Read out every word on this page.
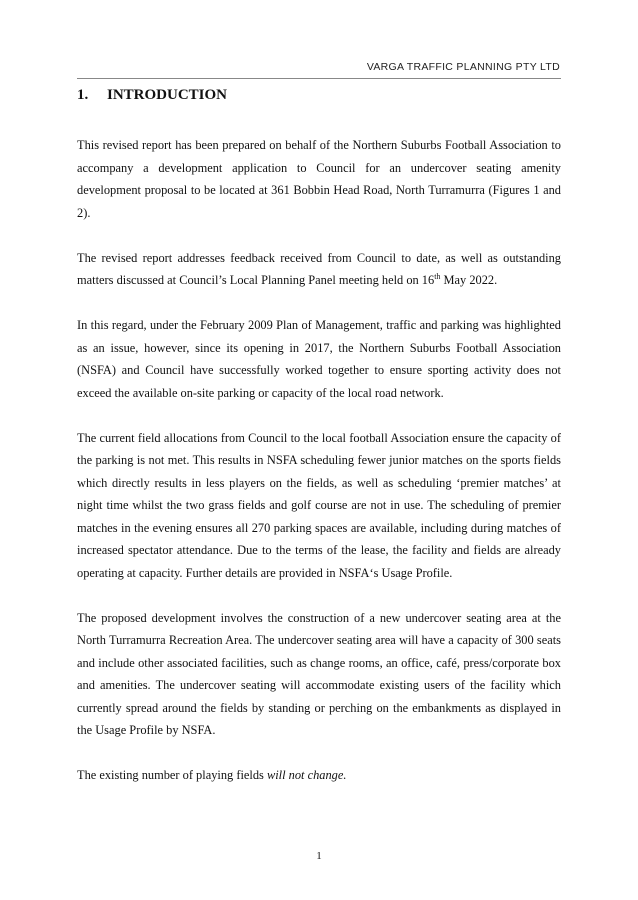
VARGA TRAFFIC PLANNING PTY LTD
1. INTRODUCTION

This revised report has been prepared on behalf of the Northern Suburbs Football Association to accompany a development application to Council for an undercover seating amenity development proposal to be located at 361 Bobbin Head Road, North Turramurra (Figures 1 and 2).

The revised report addresses feedback received from Council to date, as well as outstanding matters discussed at Council’s Local Planning Panel meeting held on 16th May 2022.

In this regard, under the February 2009 Plan of Management, traffic and parking was highlighted as an issue, however, since its opening in 2017, the Northern Suburbs Football Association (NSFA) and Council have successfully worked together to ensure sporting activity does not exceed the available on-site parking or capacity of the local road network.

The current field allocations from Council to the local football Association ensure the capacity of the parking is not met. This results in NSFA scheduling fewer junior matches on the sports fields which directly results in less players on the fields, as well as scheduling ‘premier matches’ at night time whilst the two grass fields and golf course are not in use. The scheduling of premier matches in the evening ensures all 270 parking spaces are available, including during matches of increased spectator attendance. Due to the terms of the lease, the facility and fields are already operating at capacity. Further details are provided in NSFA‘s Usage Profile.

The proposed development involves the construction of a new undercover seating area at the North Turramurra Recreation Area. The undercover seating area will have a capacity of 300 seats and include other associated facilities, such as change rooms, an office, café, press/corporate box and amenities. The undercover seating will accommodate existing users of the facility which currently spread around the fields by standing or perching on the embankments as displayed in the Usage Profile by NSFA.

The existing number of playing fields will not change.

1
